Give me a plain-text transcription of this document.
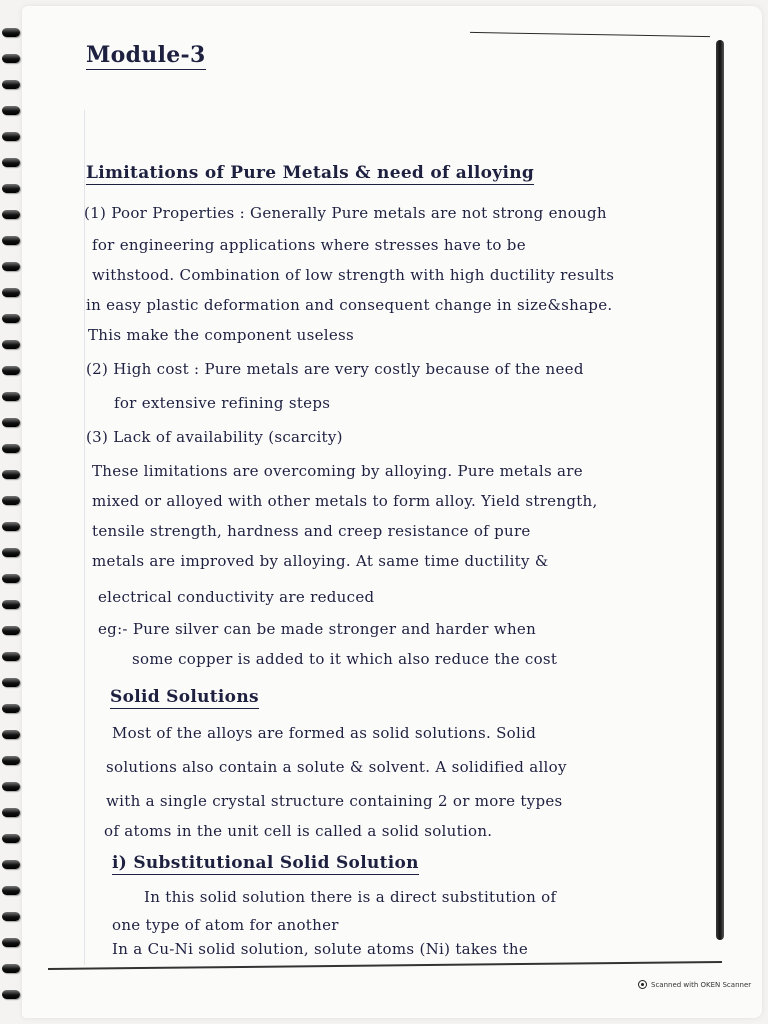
Module-3
Limitations of Pure Metals & need of alloying

(1) Poor Properties : Generally Pure metals are not strong enough

for engineering applications where stresses have to be

withstood. Combination of low strength with high ductility results

in easy plastic deformation and consequent change in size&shape.

This make the component useless

(2) High cost : Pure metals are very costly because of the need

for extensive refining steps

(3) Lack of availability (scarcity)

These limitations are overcoming by alloying. Pure metals are

mixed or alloyed with other metals to form alloy. Yield strength,

tensile strength, hardness and creep resistance of pure

metals are improved by alloying. At same time ductility &

electrical conductivity are reduced

eg:- Pure silver can be made stronger and harder when

some copper is added to it which also reduce the cost

Solid Solutions

Most of the alloys are formed as solid solutions. Solid

solutions also contain a solute & solvent. A solidified alloy

with a single crystal structure containing 2 or more types

of atoms in the unit cell is called a solid solution.

i) Substitutional Solid Solution

In this solid solution there is a direct substitution of

one type of atom for another

In a Cu-Ni solid solution, solute atoms (Ni) takes the

Scanned with OKEN Scanner
